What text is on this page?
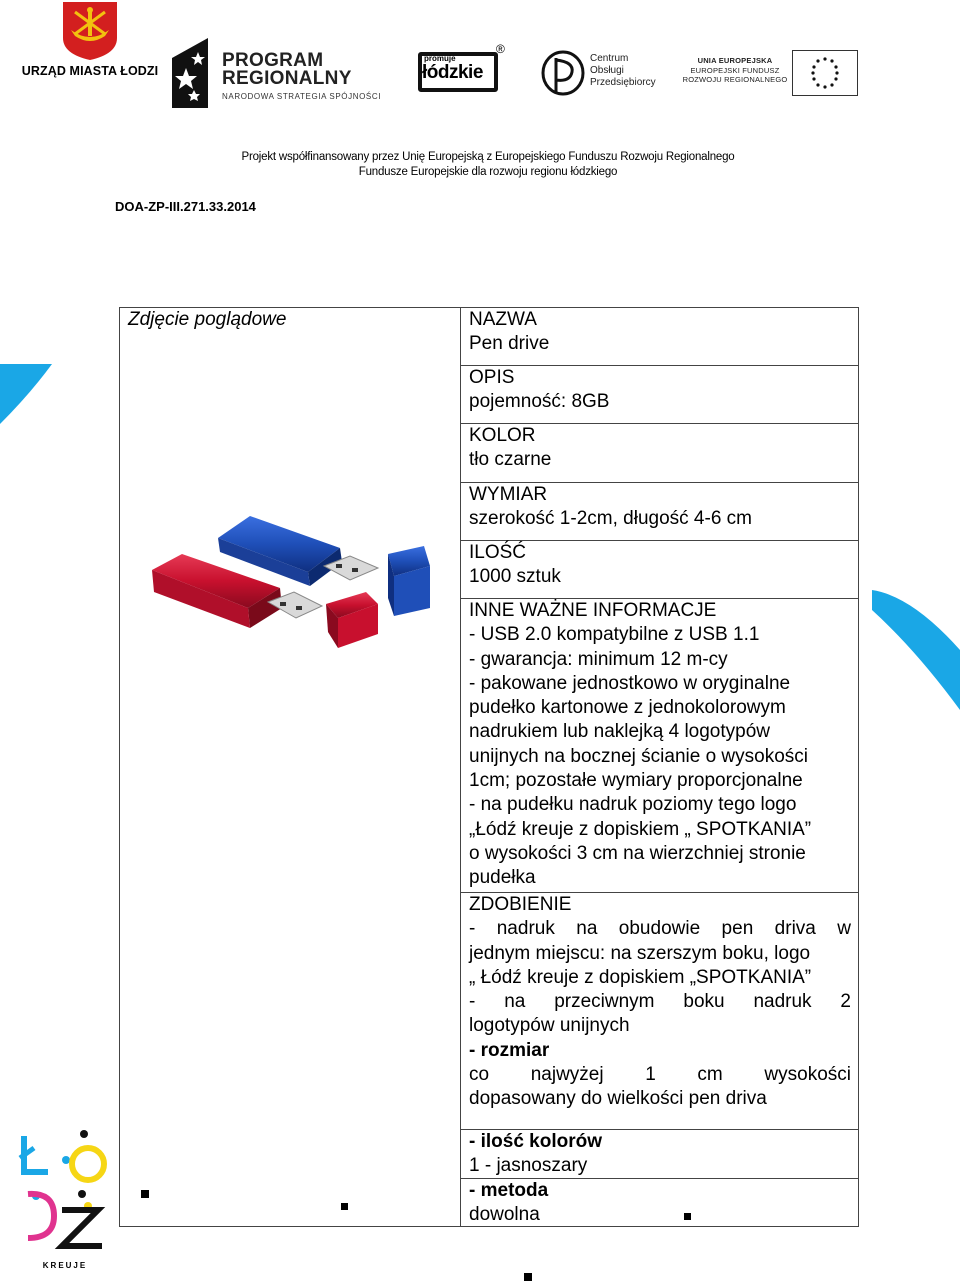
URZĄD MIASTA ŁODZI	PROGRAM
REGIONALNY
NARODOWA STRATEGIA SPÓJNOŚCI
promuje
łódzkie
®
Centrum
Obsługi
Przedsiębiorcy
UNIA EUROPEJSKA
EUROPEJSKI FUNDUSZ
ROZWOJU REGIONALNEGO
Projekt współfinansowany przez Unię Europejską z Europejskiego Funduszu Rozwoju Regionalnego
Fundusze Europejskie dla rozwoju regionu łódzkiego
DOA-ZP-III.271.33.2014
Zdjęcie poglądowe	NAZWA
Pen drive
OPIS
pojemność: 8GB
KOLOR
tło czarne
WYMIAR
szerokość 1-2cm, długość 4-6 cm
ILOŚĆ
1000 sztuk
INNE WAŻNE INFORMACJE
- USB 2.0 kompatybilne z USB 1.1
- gwarancja: minimum 12 m-cy
- pakowane jednostkowo w oryginalne
pudełko kartonowe z jednokolorowym
nadrukiem lub naklejką 4 logotypów
unijnych na bocznej ścianie o wysokości
1cm; pozostałe wymiary proporcjonalne
- na pudełku nadruk poziomy tego logo
„Łódź kreuje z dopiskiem „ SPOTKANIA”
o wysokości 3 cm na wierzchniej stronie
pudełka
ZDOBIENIE
- nadruk na obudowie pen driva w
jednym miejscu: na szerszym boku, logo
„ Łódź kreuje z dopiskiem „SPOTKANIA”
- na przeciwnym boku nadruk 2
logotypów unijnych
- rozmiar
co najwyżej 1 cm wysokości
dopasowany do wielkości pen driva
- ilość kolorów
1 - jasnoszary
- metoda
dowolna
KREUJE
